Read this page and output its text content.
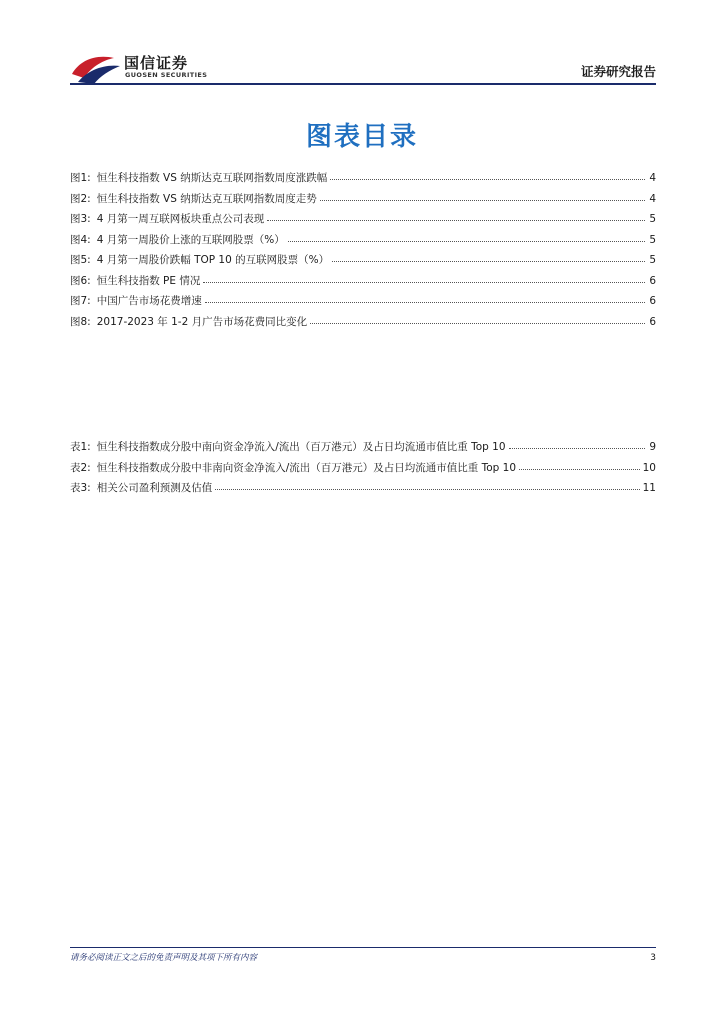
国信证券
GUOSEN SECURITIES	证券研究报告
图表目录
图1: 恒生科技指数 VS 纳斯达克互联网指数周度涨跌幅	4
图2: 恒生科技指数 VS 纳斯达克互联网指数周度走势	4
图3: 4 月第一周互联网板块重点公司表现	5
图4: 4 月第一周股价上涨的互联网股票（%）	5
图5: 4 月第一周股价跌幅 TOP 10 的互联网股票（%）	5
图6: 恒生科技指数 PE 情况	6
图7: 中国广告市场花费增速	6
图8: 2017-2023 年 1-2 月广告市场花费同比变化	6
表1: 恒生科技指数成分股中南向资金净流入/流出（百万港元）及占日均流通市值比重 Top 10	9
表2: 恒生科技指数成分股中非南向资金净流入/流出（百万港元）及占日均流通市值比重 Top 10	10
表3: 相关公司盈利预测及估值	11
请务必阅读正文之后的免责声明及其项下所有内容	3
